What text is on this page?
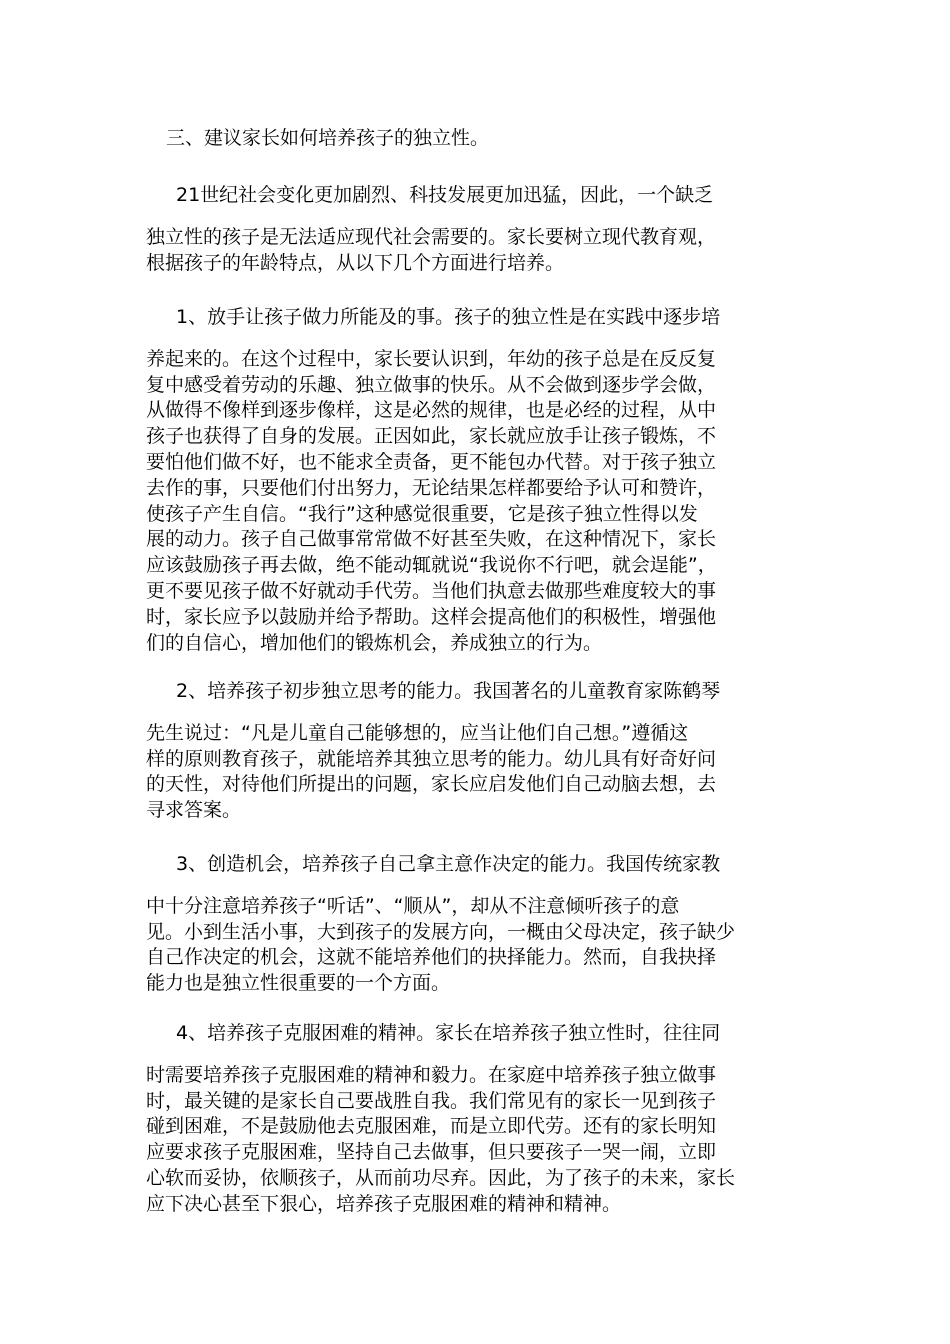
三、建议家长如何培养孩子的独立性。
21世纪社会变化更加剧烈、科技发展更加迅猛，因此，一个缺乏
独立性的孩子是无法适应现代社会需要的。家长要树立现代教育观，
根据孩子的年龄特点，从以下几个方面进行培养。
1、放手让孩子做力所能及的事。孩子的独立性是在实践中逐步培
养起来的。在这个过程中，家长要认识到，年幼的孩子总是在反反复
复中感受着劳动的乐趣、独立做事的快乐。从不会做到逐步学会做，
从做得不像样到逐步像样，这是必然的规律，也是必经的过程，从中
孩子也获得了自身的发展。正因如此，家长就应放手让孩子锻炼，不
要怕他们做不好，也不能求全责备，更不能包办代替。对于孩子独立
去作的事，只要他们付出努力，无论结果怎样都要给予认可和赞许，
使孩子产生自信。“我行”这种感觉很重要，它是孩子独立性得以发
展的动力。孩子自己做事常常做不好甚至失败，在这种情况下，家长
应该鼓励孩子再去做，绝不能动辄就说“我说你不行吧，就会逞能”，
更不要见孩子做不好就动手代劳。当他们执意去做那些难度较大的事
时，家长应予以鼓励并给予帮助。这样会提高他们的积极性，增强他
们的自信心，增加他们的锻炼机会，养成独立的行为。
2、培养孩子初步独立思考的能力。我国著名的儿童教育家陈鹤琴
先生说过：“凡是儿童自己能够想的，应当让他们自己想。”遵循这
样的原则教育孩子，就能培养其独立思考的能力。幼儿具有好奇好问
的天性，对待他们所提出的问题，家长应启发他们自己动脑去想，去
寻求答案。
3、创造机会，培养孩子自己拿主意作决定的能力。我国传统家教
中十分注意培养孩子“听话”、“顺从”，却从不注意倾听孩子的意
见。小到生活小事，大到孩子的发展方向，一概由父母决定，孩子缺少
自己作决定的机会，这就不能培养他们的抉择能力。然而，自我抉择
能力也是独立性很重要的一个方面。
4、培养孩子克服困难的精神。家长在培养孩子独立性时，往往同
时需要培养孩子克服困难的精神和毅力。在家庭中培养孩子独立做事
时，最关键的是家长自己要战胜自我。我们常见有的家长一见到孩子
碰到困难，不是鼓励他去克服困难，而是立即代劳。还有的家长明知
应要求孩子克服困难，坚持自己去做事，但只要孩子一哭一闹，立即
心软而妥协，依顺孩子，从而前功尽弃。因此，为了孩子的未来，家长
应下决心甚至下狠心，培养孩子克服困难的精神和精神。
